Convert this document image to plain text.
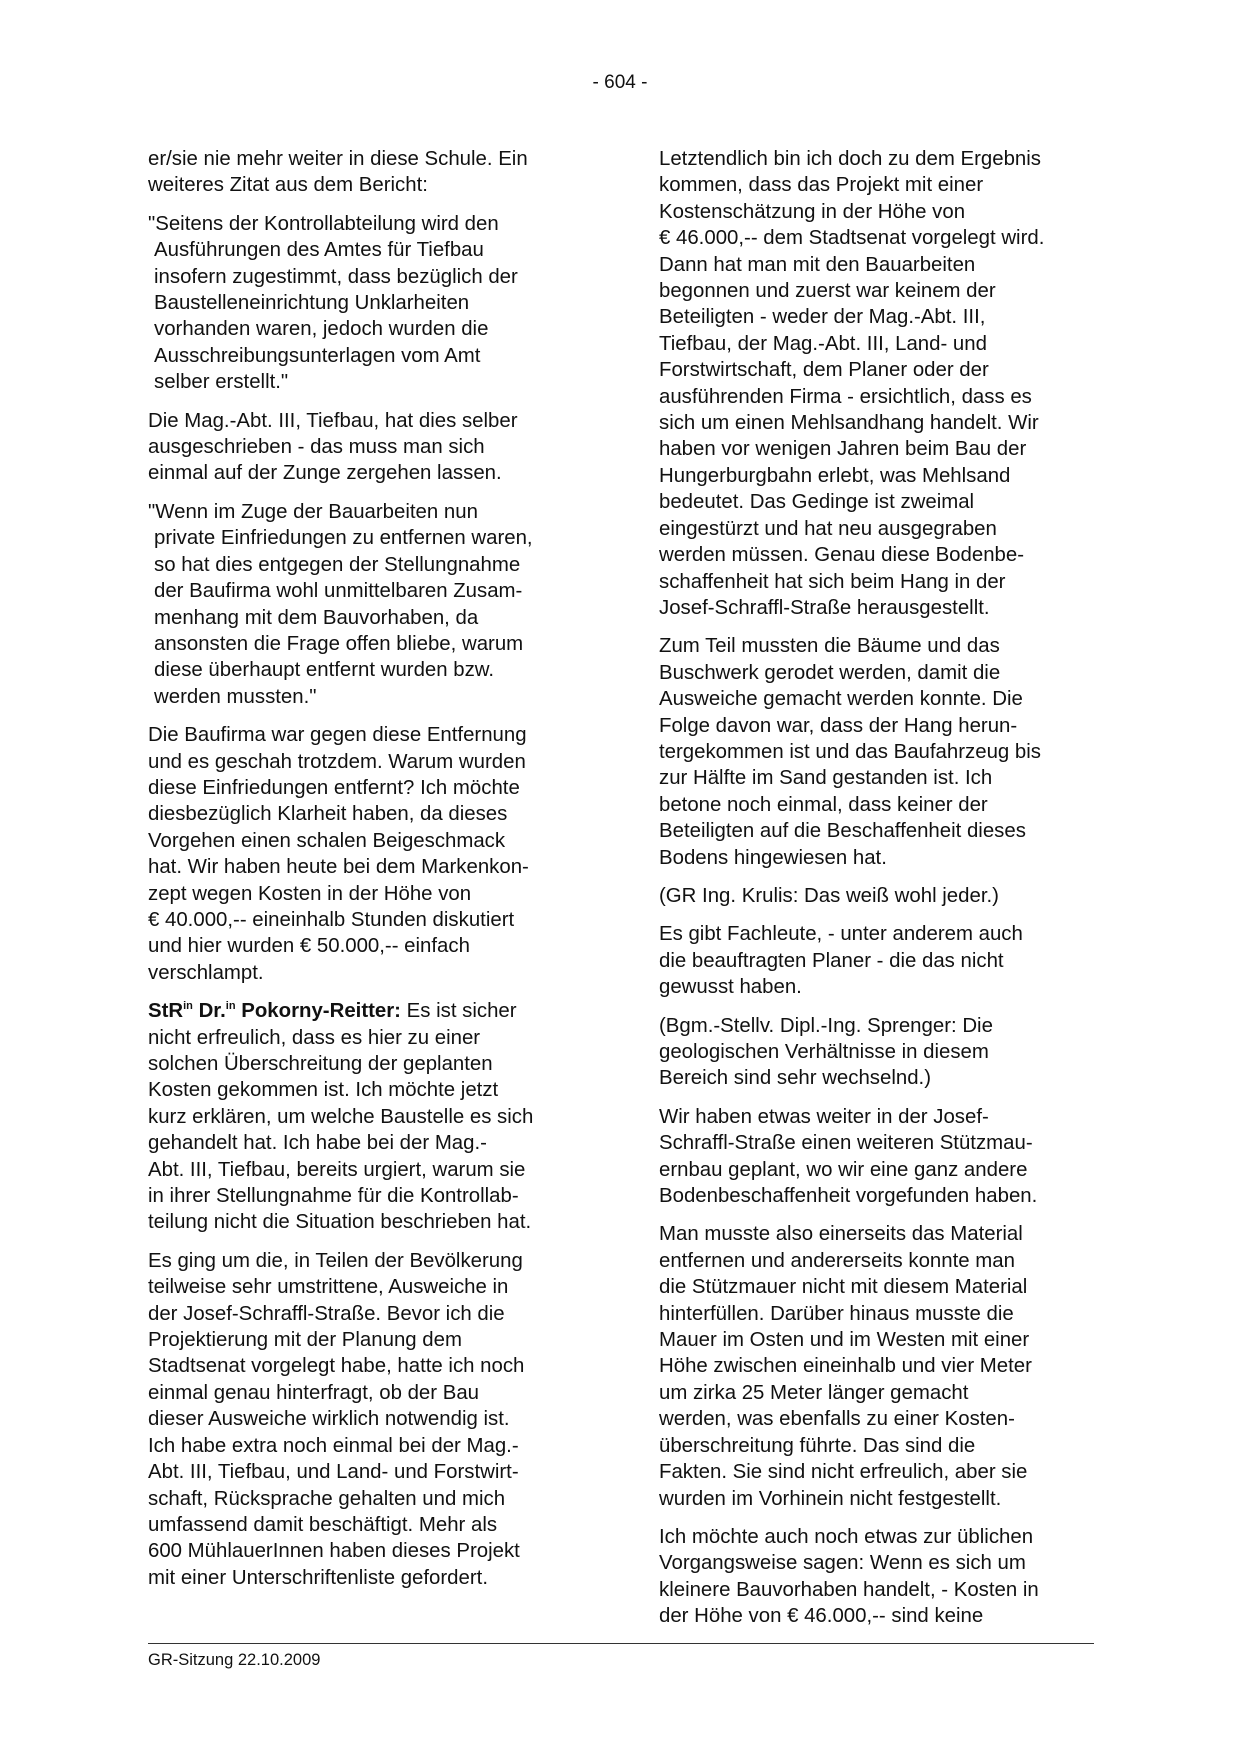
- 604 -

er/sie nie mehr weiter in diese Schule. Ein
weiteres Zitat aus dem Bericht:

"Seitens der Kontrollabteilung wird den
Ausführungen des Amtes für Tiefbau
insofern zugestimmt, dass bezüglich der
Baustelleneinrichtung Unklarheiten
vorhanden waren, jedoch wurden die
Ausschreibungsunterlagen vom Amt
selber erstellt."

Die Mag.-Abt. III, Tiefbau, hat dies selber
ausgeschrieben - das muss man sich
einmal auf der Zunge zergehen lassen.

"Wenn im Zuge der Bauarbeiten nun
private Einfriedungen zu entfernen waren,
so hat dies entgegen der Stellungnahme
der Baufirma wohl unmittelbaren Zusam-
menhang mit dem Bauvorhaben, da
ansonsten die Frage offen bliebe, warum
diese überhaupt entfernt wurden bzw.
werden mussten."

Die Baufirma war gegen diese Entfernung
und es geschah trotzdem. Warum wurden
diese Einfriedungen entfernt? Ich möchte
diesbezüglich Klarheit haben, da dieses
Vorgehen einen schalen Beigeschmack
hat. Wir haben heute bei dem Markenkon-
zept wegen Kosten in der Höhe von
€ 40.000,-- eineinhalb Stunden diskutiert
und hier wurden € 50.000,-- einfach
verschlampt.

StR$^{in}$ Dr.$^{in}$ Pokorny-Reitter: Es ist sicher
nicht erfreulich, dass es hier zu einer
solchen Überschreitung der geplanten
Kosten gekommen ist. Ich möchte jetzt
kurz erklären, um welche Baustelle es sich
gehandelt hat. Ich habe bei der Mag.-
Abt. III, Tiefbau, bereits urgiert, warum sie
in ihrer Stellungnahme für die Kontrollab-
teilung nicht die Situation beschrieben hat.

Es ging um die, in Teilen der Bevölkerung
teilweise sehr umstrittene, Ausweiche in
der Josef-Schraffl-Straße. Bevor ich die
Projektierung mit der Planung dem
Stadtsenat vorgelegt habe, hatte ich noch
einmal genau hinterfragt, ob der Bau
dieser Ausweiche wirklich notwendig ist.
Ich habe extra noch einmal bei der Mag.-
Abt. III, Tiefbau, und Land- und Forstwirt-
schaft, Rücksprache gehalten und mich
umfassend damit beschäftigt. Mehr als
600 MühlauerInnen haben dieses Projekt
mit einer Unterschriftenliste gefordert.

Letztendlich bin ich doch zu dem Ergebnis
kommen, dass das Projekt mit einer
Kostenschätzung in der Höhe von
€ 46.000,-- dem Stadtsenat vorgelegt wird.
Dann hat man mit den Bauarbeiten
begonnen und zuerst war keinem der
Beteiligten - weder der Mag.-Abt. III,
Tiefbau, der Mag.-Abt. III, Land- und
Forstwirtschaft, dem Planer oder der
ausführenden Firma - ersichtlich, dass es
sich um einen Mehlsandhang handelt. Wir
haben vor wenigen Jahren beim Bau der
Hungerburgbahn erlebt, was Mehlsand
bedeutet. Das Gedinge ist zweimal
eingestürzt und hat neu ausgegraben
werden müssen. Genau diese Bodenbe-
schaffenheit hat sich beim Hang in der
Josef-Schraffl-Straße herausgestellt.

Zum Teil mussten die Bäume und das
Buschwerk gerodet werden, damit die
Ausweiche gemacht werden konnte. Die
Folge davon war, dass der Hang herun-
tergekommen ist und das Baufahrzeug bis
zur Hälfte im Sand gestanden ist. Ich
betone noch einmal, dass keiner der
Beteiligten auf die Beschaffenheit dieses
Bodens hingewiesen hat.

(GR Ing. Krulis: Das weiß wohl jeder.)

Es gibt Fachleute, - unter anderem auch
die beauftragten Planer - die das nicht
gewusst haben.

(Bgm.-Stellv. Dipl.-Ing. Sprenger: Die
geologischen Verhältnisse in diesem
Bereich sind sehr wechselnd.)

Wir haben etwas weiter in der Josef-
Schraffl-Straße einen weiteren Stützmau-
ernbau geplant, wo wir eine ganz andere
Bodenbeschaffenheit vorgefunden haben.

Man musste also einerseits das Material
entfernen und andererseits konnte man
die Stützmauer nicht mit diesem Material
hinterfüllen. Darüber hinaus musste die
Mauer im Osten und im Westen mit einer
Höhe zwischen eineinhalb und vier Meter
um zirka 25 Meter länger gemacht
werden, was ebenfalls zu einer Kosten-
überschreitung führte. Das sind die
Fakten. Sie sind nicht erfreulich, aber sie
wurden im Vorhinein nicht festgestellt.

Ich möchte auch noch etwas zur üblichen
Vorgangsweise sagen: Wenn es sich um
kleinere Bauvorhaben handelt, - Kosten in
der Höhe von € 46.000,-- sind keine

GR-Sitzung 22.10.2009
